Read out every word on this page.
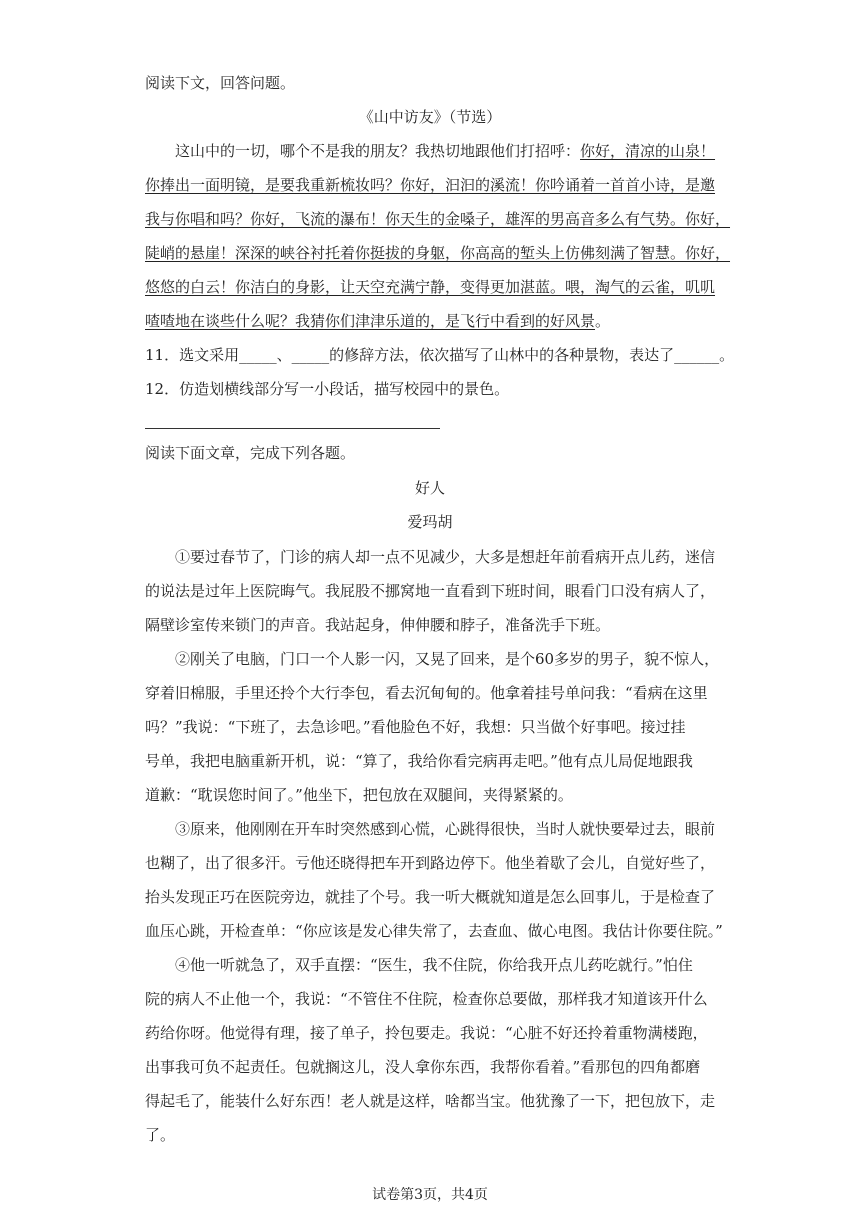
阅读下文，回答问题。
《山中访友》（节选）
这山中的一切，哪个不是我的朋友？我热切地跟他们打招呼：你好，清凉的山泉！
你捧出一面明镜，是要我重新梳妆吗？你好，汩汩的溪流！你吟诵着一首首小诗，是邀
我与你唱和吗？你好，飞流的瀑布！你天生的金嗓子，雄浑的男高音多么有气势。你好，
陡峭的悬崖！深深的峡谷衬托着你挺拔的身躯，你高高的堑头上仿佛刻满了智慧。你好，
悠悠的白云！你洁白的身影，让天空充满宁静，变得更加湛蓝。喂，淘气的云雀，叽叽
喳喳地在谈些什么呢？我猜你们津津乐道的，是飞行中看到的好风景。
11．选文采用_____、_____的修辞方法，依次描写了山林中的各种景物，表达了______。
12．仿造划横线部分写一小段话，描写校园中的景色。
阅读下面文章，完成下列各题。
好人
爱玛胡
①要过春节了，门诊的病人却一点不见减少，大多是想赶年前看病开点儿药，迷信
的说法是过年上医院晦气。我屁股不挪窝地一直看到下班时间，眼看门口没有病人了，
隔壁诊室传来锁门的声音。我站起身，伸伸腰和脖子，准备洗手下班。
②刚关了电脑，门口一个人影一闪，又晃了回来，是个60多岁的男子，貌不惊人，
穿着旧棉服，手里还拎个大行李包，看去沉甸甸的。他拿着挂号单问我：“看病在这里
吗？”我说：“下班了，去急诊吧。”看他脸色不好，我想：只当做个好事吧。接过挂
号单，我把电脑重新开机，说：“算了，我给你看完病再走吧。”他有点儿局促地跟我
道歉：“耽误您时间了。”他坐下，把包放在双腿间，夹得紧紧的。
③原来，他刚刚在开车时突然感到心慌，心跳得很快，当时人就快要晕过去，眼前
也糊了，出了很多汗。亏他还晓得把车开到路边停下。他坐着歇了会儿，自觉好些了，
抬头发现正巧在医院旁边，就挂了个号。我一听大概就知道是怎么回事儿，于是检查了
血压心跳，开检查单：“你应该是发心律失常了，去查血、做心电图。我估计你要住院。”
④他一听就急了，双手直摆：“医生，我不住院，你给我开点儿药吃就行。”怕住
院的病人不止他一个，我说：“不管住不住院，检查你总要做，那样我才知道该开什么
药给你呀。他觉得有理，接了单子，拎包要走。我说：“心脏不好还拎着重物满楼跑，
出事我可负不起责任。包就搁这儿，没人拿你东西，我帮你看着。”看那包的四角都磨
得起毛了，能装什么好东西！老人就是这样，啥都当宝。他犹豫了一下，把包放下，走
了。
试卷第3页，共4页
